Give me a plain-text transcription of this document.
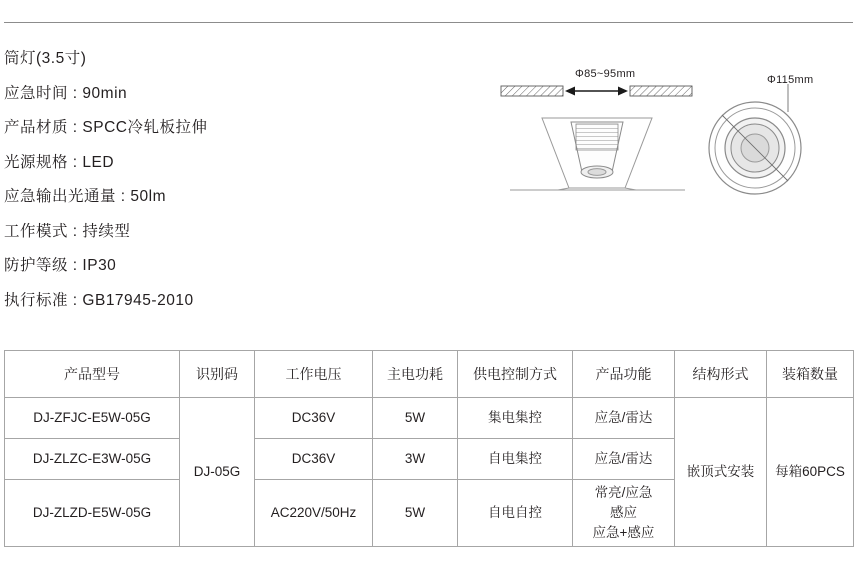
筒灯(3.5寸)
应急时间 : 90min
产品材质 : SPCC冷轧板拉伸
光源规格 : LED
应急输出光通量 : 50lm
工作模式 : 持续型
防护等级 : IP30
执行标准 : GB17945-2010
Φ85~95mm	Φ115mm
产品型号	识别码	工作电压	主电功耗	供电控制方式	产品功能	结构形式	装箱数量
DJ-ZFJC-E5W-05G	DJ-05G	DC36V	5W	集电集控	应急/雷达	嵌顶式安装	每箱60PCS
DJ-ZLZC-E3W-05G		DC36V	3W	自电集控	应急/雷达		
DJ-ZLZD-E5W-05G		AC220V/50Hz	5W	自电自控	常亮/应急
感应
应急+感应		
